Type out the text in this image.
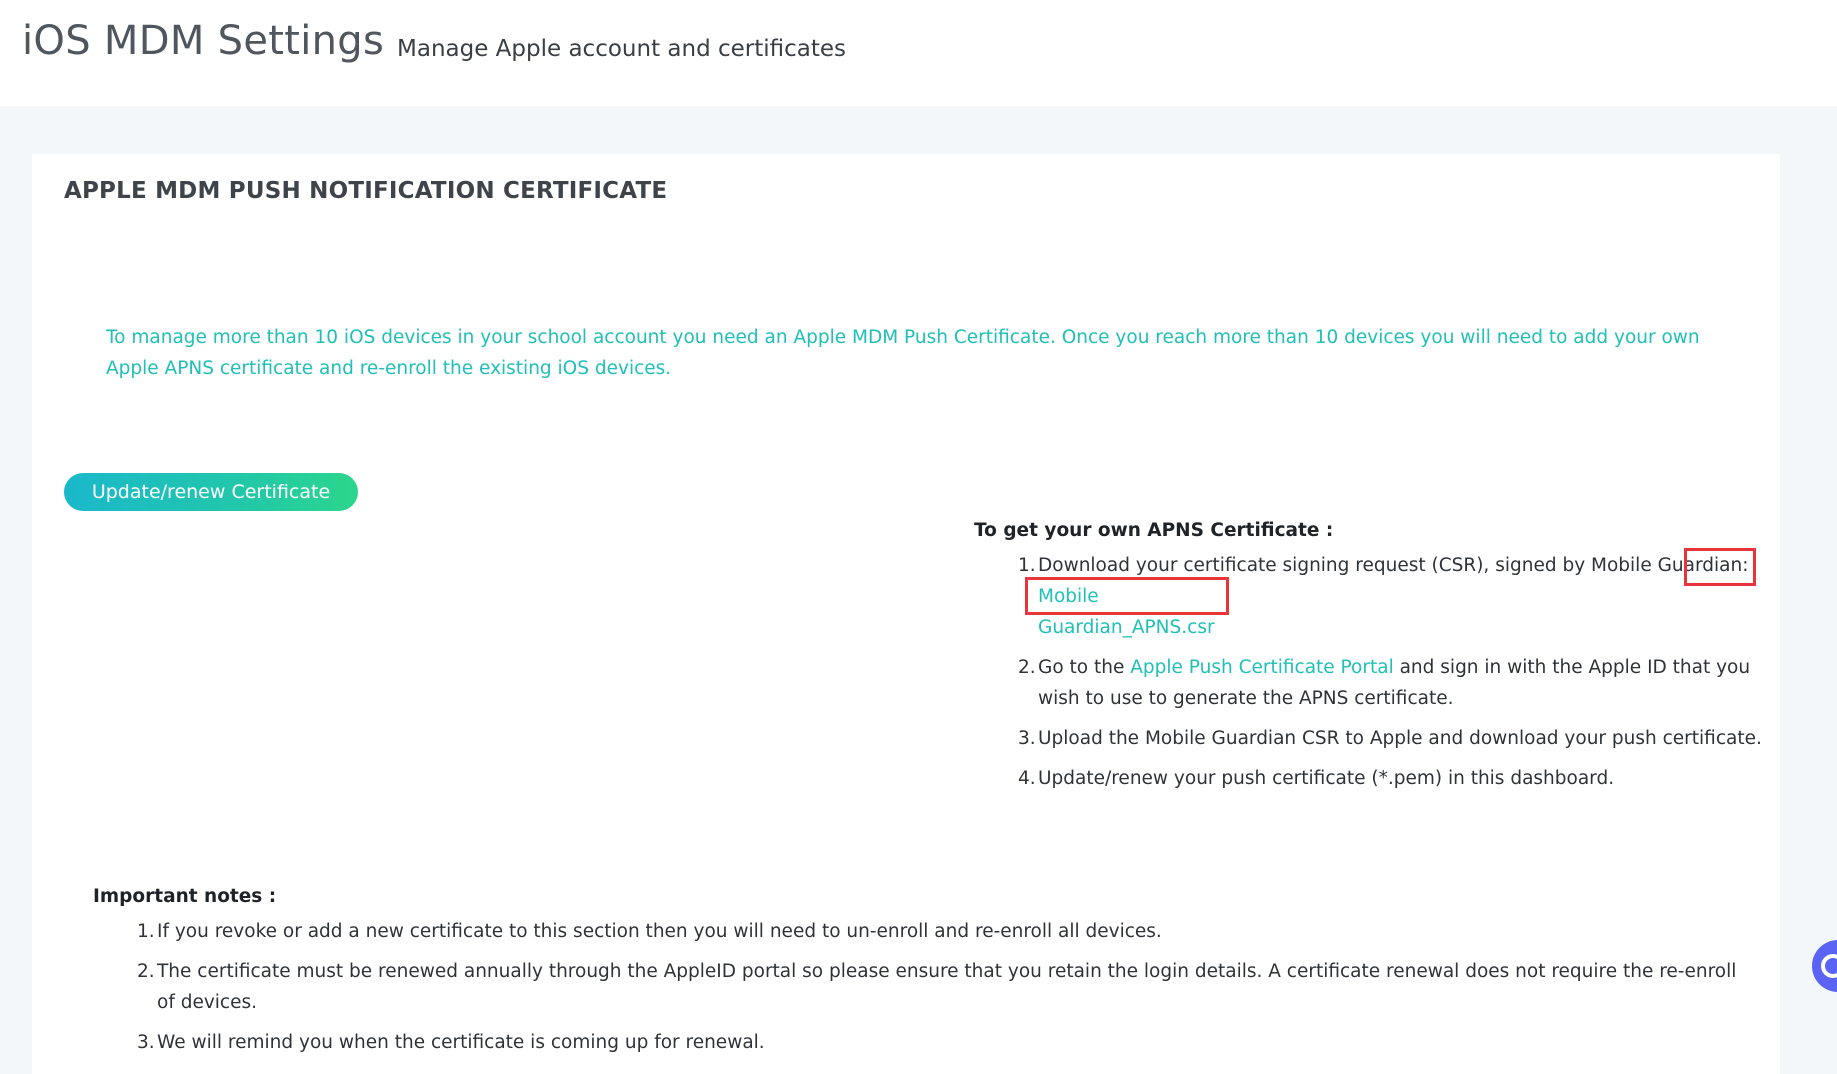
iOS MDM Settings Manage Apple account and certificates
APPLE MDM PUSH NOTIFICATION CERTIFICATE

To manage more than 10 iOS devices in your school account you need an Apple MDM Push Certificate. Once you reach more than 10 devices you will need to add your own Apple APNS certificate and re-enroll the existing iOS devices.

Update/renew Certificate
To get your own APNS Certificate :
1. Download your certificate signing request (CSR), signed by Mobile Guardian: Mobile
Guardian_APNS.csr
2. Go to the Apple Push Certificate Portal and sign in with the Apple ID that you wish to use to generate the APNS certificate.
3. Upload the Mobile Guardian CSR to Apple and download your push certificate.
4. Update/renew your push certificate (*.pem) in this dashboard.
Important notes :
1. If you revoke or add a new certificate to this section then you will need to un-enroll and re-enroll all devices.
2. The certificate must be renewed annually through the AppleID portal so please ensure that you retain the login details. A certificate renewal does not require the re-enroll of devices.
3. We will remind you when the certificate is coming up for renewal.
